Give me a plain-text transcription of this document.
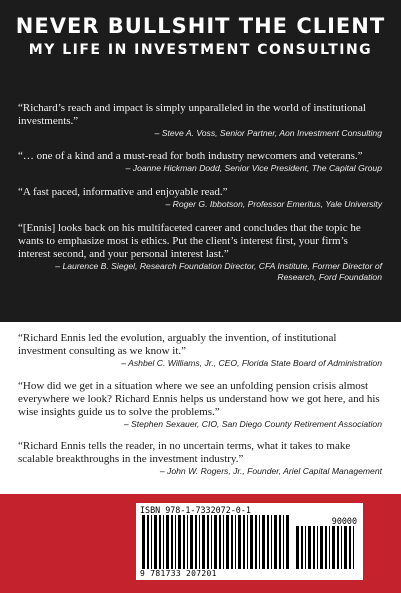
NEVER BULLSHIT THE CLIENT
MY LIFE IN INVESTMENT CONSULTING

“Richard’s reach and impact is simply unparalleled in the world of institutional investments.”

– Steve A. Voss, Senior Partner, Aon Investment Consulting

“… one of a kind and a must-read for both industry newcomers and veterans.”

– Joanne Hickman Dodd, Senior Vice President, The Capital Group

“A fast paced, informative and enjoyable read.”

– Roger G. Ibbotson, Professor Emeritus, Yale University

“[Ennis] looks back on his multifaceted career and concludes that the topic he wants to emphasize most is ethics. Put the client’s interest first, your firm’s interest second, and your personal interest last.”

– Laurence B. Siegel, Research Foundation Director, CFA Institute, Former Director of Research, Ford Foundation

“Richard Ennis led the evolution, arguably the invention, of institutional investment consulting as we know it.”

– Ashbel C. Williams, Jr., CEO, Florida State Board of Administration

“How did we get in a situation where we see an unfolding pension crisis almost everywhere we look? Richard Ennis helps us understand how we got here, and his wise insights guide us to solve the problems.”

– Stephen Sexauer, CIO, San Diego County Retirement Association

“Richard Ennis tells the reader, in no uncertain terms, what it takes to make scalable breakthroughs in the investment industry.”

– John W. Rogers, Jr., Founder, Ariel Capital Management

ISBN 978-1-7332072-0-1
90000
9 781733 207201
